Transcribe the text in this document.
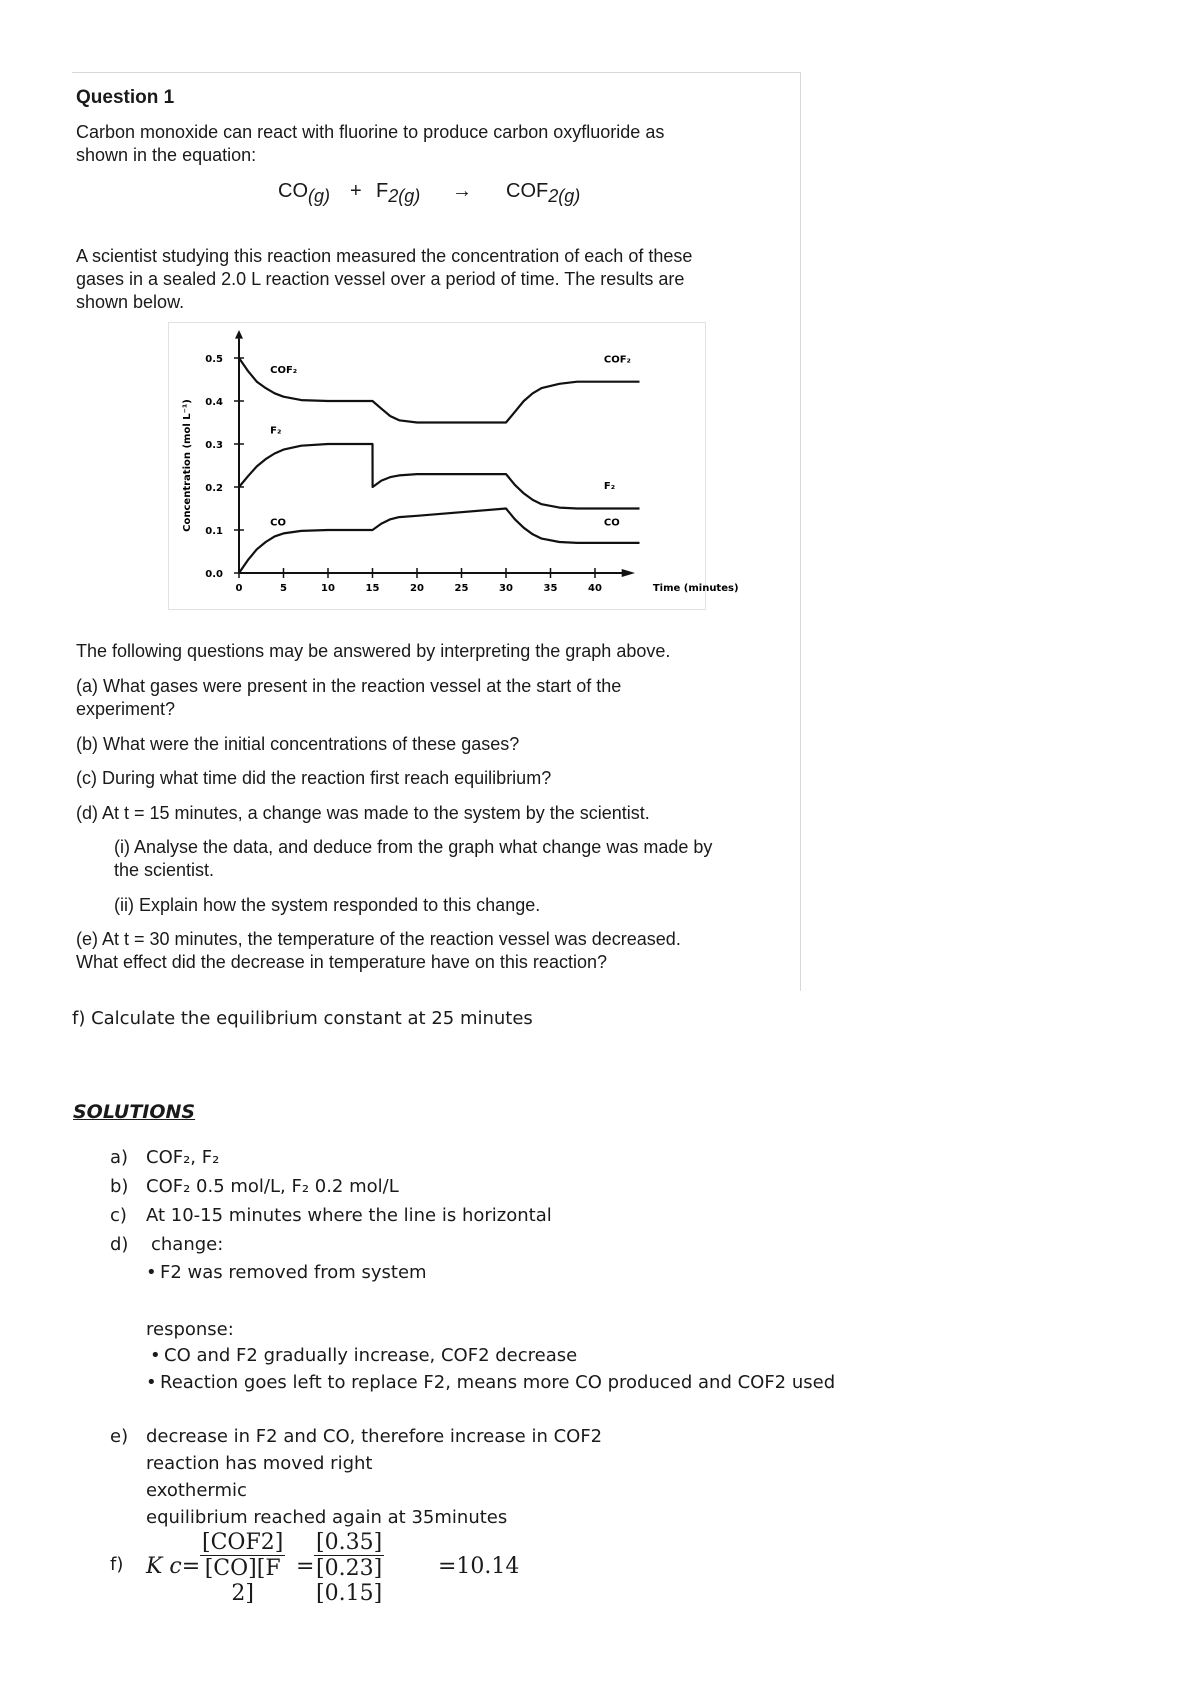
Question 1
Carbon monoxide can react with fluorine to produce carbon oxyfluoride as
shown in the equation:
$CO_{(g)} + F_{2(g)} \to COF_{2(g)}$
A scientist studying this reaction measured the concentration of each of these
gases in a sealed 2.0 L reaction vessel over a period of time. The results are
shown below.
0	5	10	15	20	25	30	35	40
0.0
0.1
0.2
0.3
0.4
0.5
Time (minutes)
Concentration (mol L⁻¹)
COF₂
COF₂
F₂
F₂
CO	CO
The following questions may be answered by interpreting the graph above.
(a) What gases were present in the reaction vessel at the start of the
experiment?
(b) What were the initial concentrations of these gases?
(c) During what time did the reaction first reach equilibrium?
(d) At t = 15 minutes, a change was made to the system by the scientist.
(i) Analyse the data, and deduce from the graph what change was made by
the scientist.
(ii) Explain how the system responded to this change.
(e) At t = 30 minutes, the temperature of the reaction vessel was decreased.
What effect did the decrease in temperature have on this reaction?
f) Calculate the equilibrium constant at 25 minutes
SOLUTIONS
a) COF₂, F₂
b) COF₂ 0.5 mol/L, F₂ 0.2 mol/L
c) At 10-15 minutes where the line is horizontal
d) change:
• F2 was removed from system
response:
• CO and F2 gradually increase, COF2 decrease
• Reaction goes left to replace F2, means more CO produced and COF2 used
e) decrease in F2 and CO, therefore increase in COF2
reaction has moved right
exothermic
equilibrium reached again at 35minutes
f) K c=
[COF2]
[CO][F 2]
= $\frac{[0.35]}{[0.23][0.15]} =10.14$
